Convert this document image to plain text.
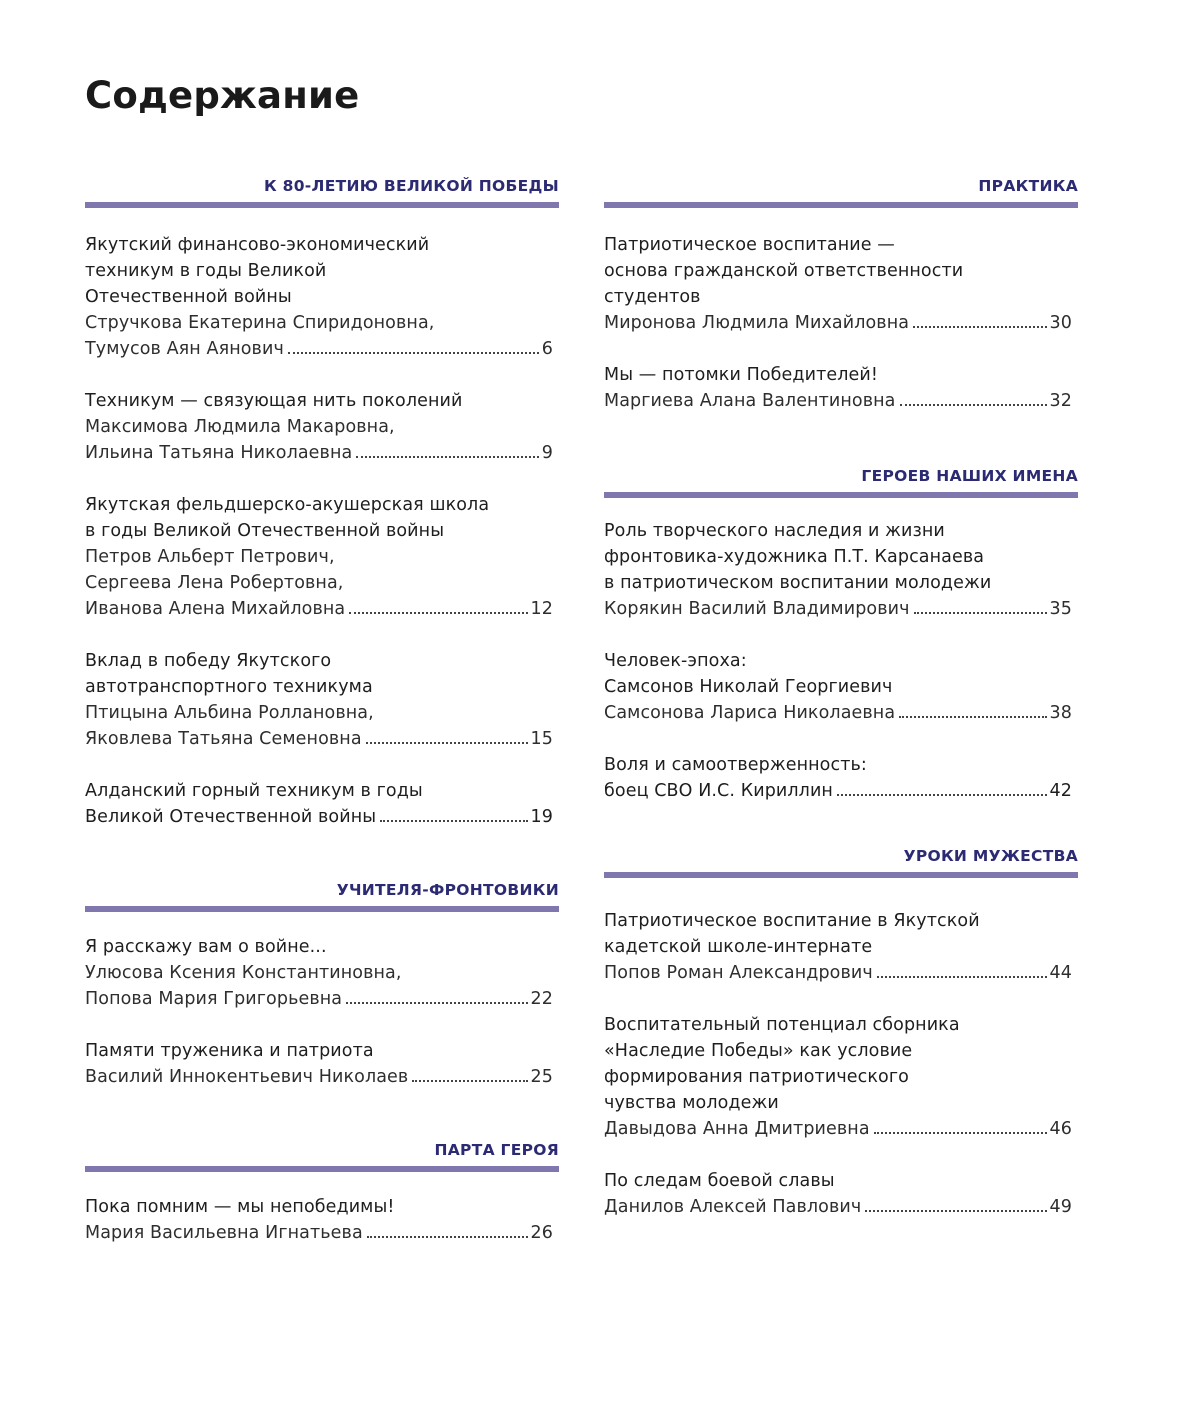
Содержание
К 80-ЛЕТИЮ ВЕЛИКОЙ ПОБЕДЫ
Якутский финансово-экономический
техникум в годы Великой
Отечественной войны
Стручкова Екатерина Спиридоновна,
Тумусов Аян Аянович	6
Техникум — связующая нить поколений
Максимова Людмила Макаровна,
Ильина Татьяна Николаевна	9
Якутская фельдшерско-акушерская школа
в годы Великой Отечественной войны
Петров Альберт Петрович,
Сергеева Лена Робертовна,
Иванова Алена Михайловна	12
Вклад в победу Якутского
автотранспортного техникума
Птицына Альбина Роллановна,
Яковлева Татьяна Семеновна	15
Алданский горный техникум в годы
Великой Отечественной войны	19
УЧИТЕЛЯ-ФРОНТОВИКИ
Я расскажу вам о войне...
Улюсова Ксения Константиновна,
Попова Мария Григорьевна	22
Памяти труженика и патриота
Василий Иннокентьевич Николаев	25
ПАРТА ГЕРОЯ
Пока помним — мы непобедимы!
Мария Васильевна Игнатьева	26
ПРАКТИКА
Патриотическое воспитание —
основа гражданской ответственности
студентов
Миронова Людмила Михайловна	30
Мы — потомки Победителей!
Маргиева Алана Валентиновна	32
ГЕРОЕВ НАШИХ ИМЕНА
Роль творческого наследия и жизни
фронтовика-художника П.Т. Карсанаева
в патриотическом воспитании молодежи
Корякин Василий Владимирович	35
Человек-эпоха:
Самсонов Николай Георгиевич
Самсонова Лариса Николаевна	38
Воля и самоотверженность:
боец СВО И.С. Кириллин	42
УРОКИ МУЖЕСТВА
Патриотическое воспитание в Якутской
кадетской школе-интернате
Попов Роман Александрович	44
Воспитательный потенциал сборника
«Наследие Победы» как условие
формирования патриотического
чувства молодежи
Давыдова Анна Дмитриевна	46
По следам боевой славы
Данилов Алексей Павлович	49
